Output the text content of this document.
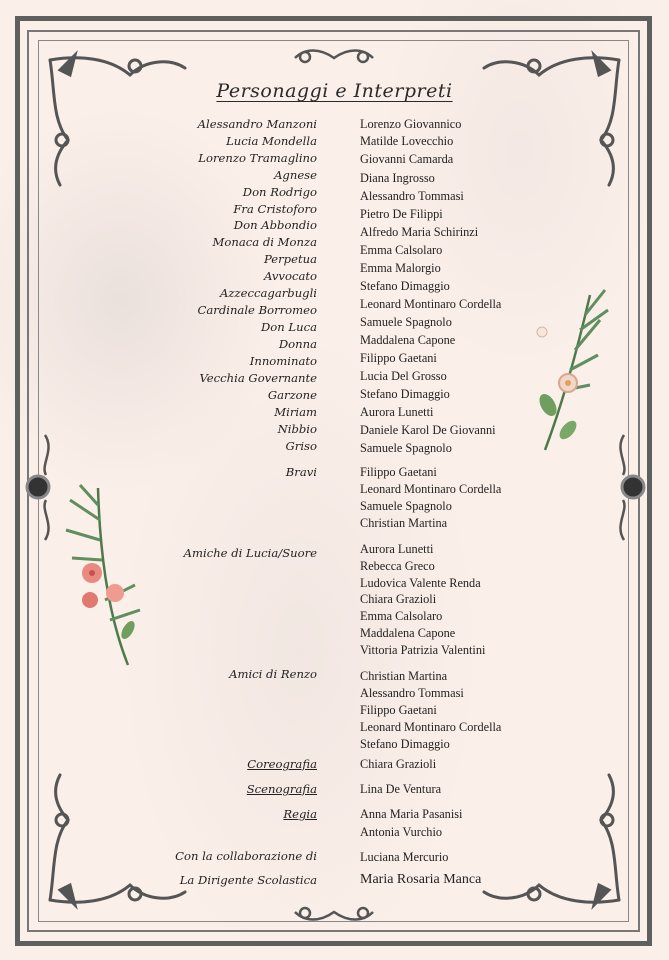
Personaggi e Interpreti
Alessandro Manzoni
Lucia Mondella
Lorenzo Tramaglino
Agnese
Don Rodrigo
Fra Cristoforo
Don Abbondio
Monaca di Monza
Perpetua
Avvocato
Azzeccagarbugli
Cardinale Borromeo
Don Luca
Donna
Innominato
Vecchia Governante
Garzone
Miriam
Nibbio
Griso
Bravi
Amiche di Lucia/Suore
Amici di Renzo
Coreografia
Scenografia
Regia
Con la collaborazione di
La Dirigente Scolastica
Lorenzo Giovannico
Matilde Lovecchio
Giovanni Camarda
Diana Ingrosso
Alessandro Tommasi
Pietro De Filippi
Alfredo Maria Schirinzi
Emma Calsolaro
Emma Malorgio
Stefano Dimaggio
Leonard Montinaro Cordella
Samuele Spagnolo
Maddalena Capone
Filippo Gaetani
Lucia Del Grosso
Stefano Dimaggio
Aurora Lunetti
Daniele Karol De Giovanni
Samuele Spagnolo
Filippo Gaetani
Leonard Montinaro Cordella
Samuele Spagnolo
Christian Martina
Aurora Lunetti
Rebecca Greco
Ludovica Valente Renda
Chiara Grazioli
Emma Calsolaro
Maddalena Capone
Vittoria Patrizia Valentini
Christian Martina
Alessandro Tommasi
Filippo Gaetani
Leonard Montinaro Cordella
Stefano Dimaggio
Chiara Grazioli
Lina De Ventura
Anna Maria Pasanisi
Antonia Vurchio
Luciana Mercurio
Maria Rosaria Manca
